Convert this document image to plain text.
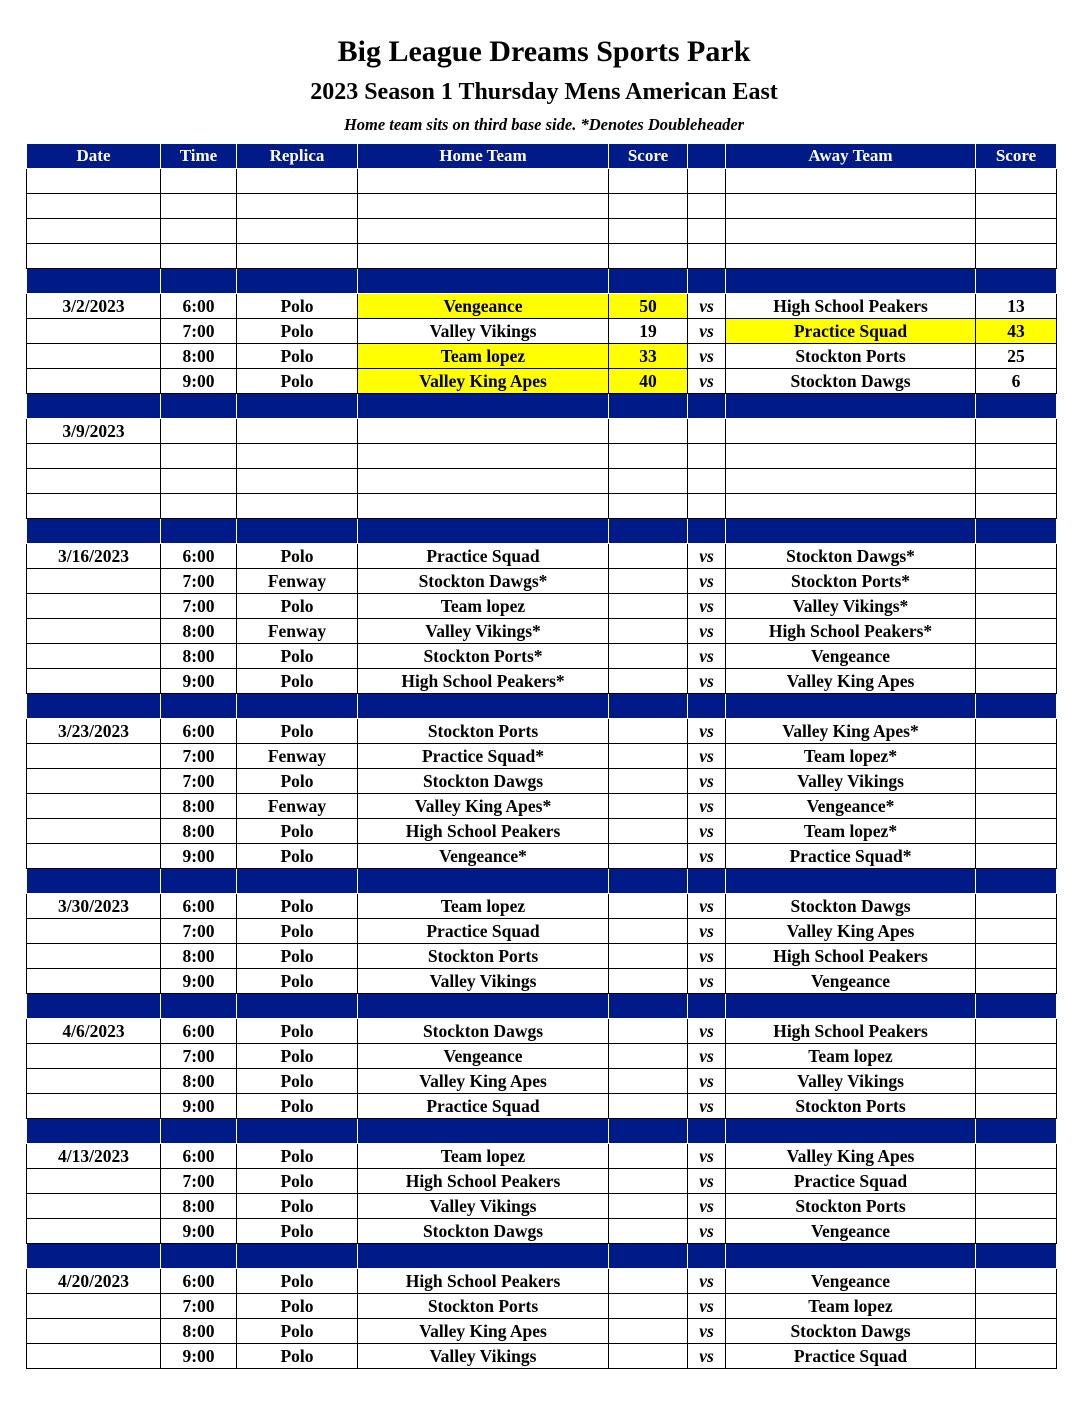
Big League Dreams Sports Park
2023 Season 1 Thursday Mens American East
Home team sits on third base side. *Denotes Doubleheader
Date	Time	Replica	Home Team	Score		Away Team	Score

3/2/2023	6:00	Polo	Vengeance	50	vs	High School Peakers	13
	7:00	Polo	Valley Vikings	19	vs	Practice Squad	43
	8:00	Polo	Team lopez	33	vs	Stockton Ports	25
	9:00	Polo	Valley King Apes	40	vs	Stockton Dawgs	6

3/9/2023							

3/16/2023	6:00	Polo	Practice Squad		vs	Stockton Dawgs*	
	7:00	Fenway	Stockton Dawgs*		vs	Stockton Ports*	
	7:00	Polo	Team lopez		vs	Valley Vikings*	
	8:00	Fenway	Valley Vikings*		vs	High School Peakers*	
	8:00	Polo	Stockton Ports*		vs	Vengeance	
	9:00	Polo	High School Peakers*		vs	Valley King Apes	

3/23/2023	6:00	Polo	Stockton Ports		vs	Valley King Apes*	
	7:00	Fenway	Practice Squad*		vs	Team lopez*	
	7:00	Polo	Stockton Dawgs		vs	Valley Vikings	
	8:00	Fenway	Valley King Apes*		vs	Vengeance*	
	8:00	Polo	High School Peakers		vs	Team lopez*	
	9:00	Polo	Vengeance*		vs	Practice Squad*	

3/30/2023	6:00	Polo	Team lopez		vs	Stockton Dawgs	
	7:00	Polo	Practice Squad		vs	Valley King Apes	
	8:00	Polo	Stockton Ports		vs	High School Peakers	
	9:00	Polo	Valley Vikings		vs	Vengeance	

4/6/2023	6:00	Polo	Stockton Dawgs		vs	High School Peakers	
	7:00	Polo	Vengeance		vs	Team lopez	
	8:00	Polo	Valley King Apes		vs	Valley Vikings	
	9:00	Polo	Practice Squad		vs	Stockton Ports	

4/13/2023	6:00	Polo	Team lopez		vs	Valley King Apes	
	7:00	Polo	High School Peakers		vs	Practice Squad	
	8:00	Polo	Valley Vikings		vs	Stockton Ports	
	9:00	Polo	Stockton Dawgs		vs	Vengeance	

4/20/2023	6:00	Polo	High School Peakers		vs	Vengeance	
	7:00	Polo	Stockton Ports		vs	Team lopez	
	8:00	Polo	Valley King Apes		vs	Stockton Dawgs	
	9:00	Polo	Valley Vikings		vs	Practice Squad	
